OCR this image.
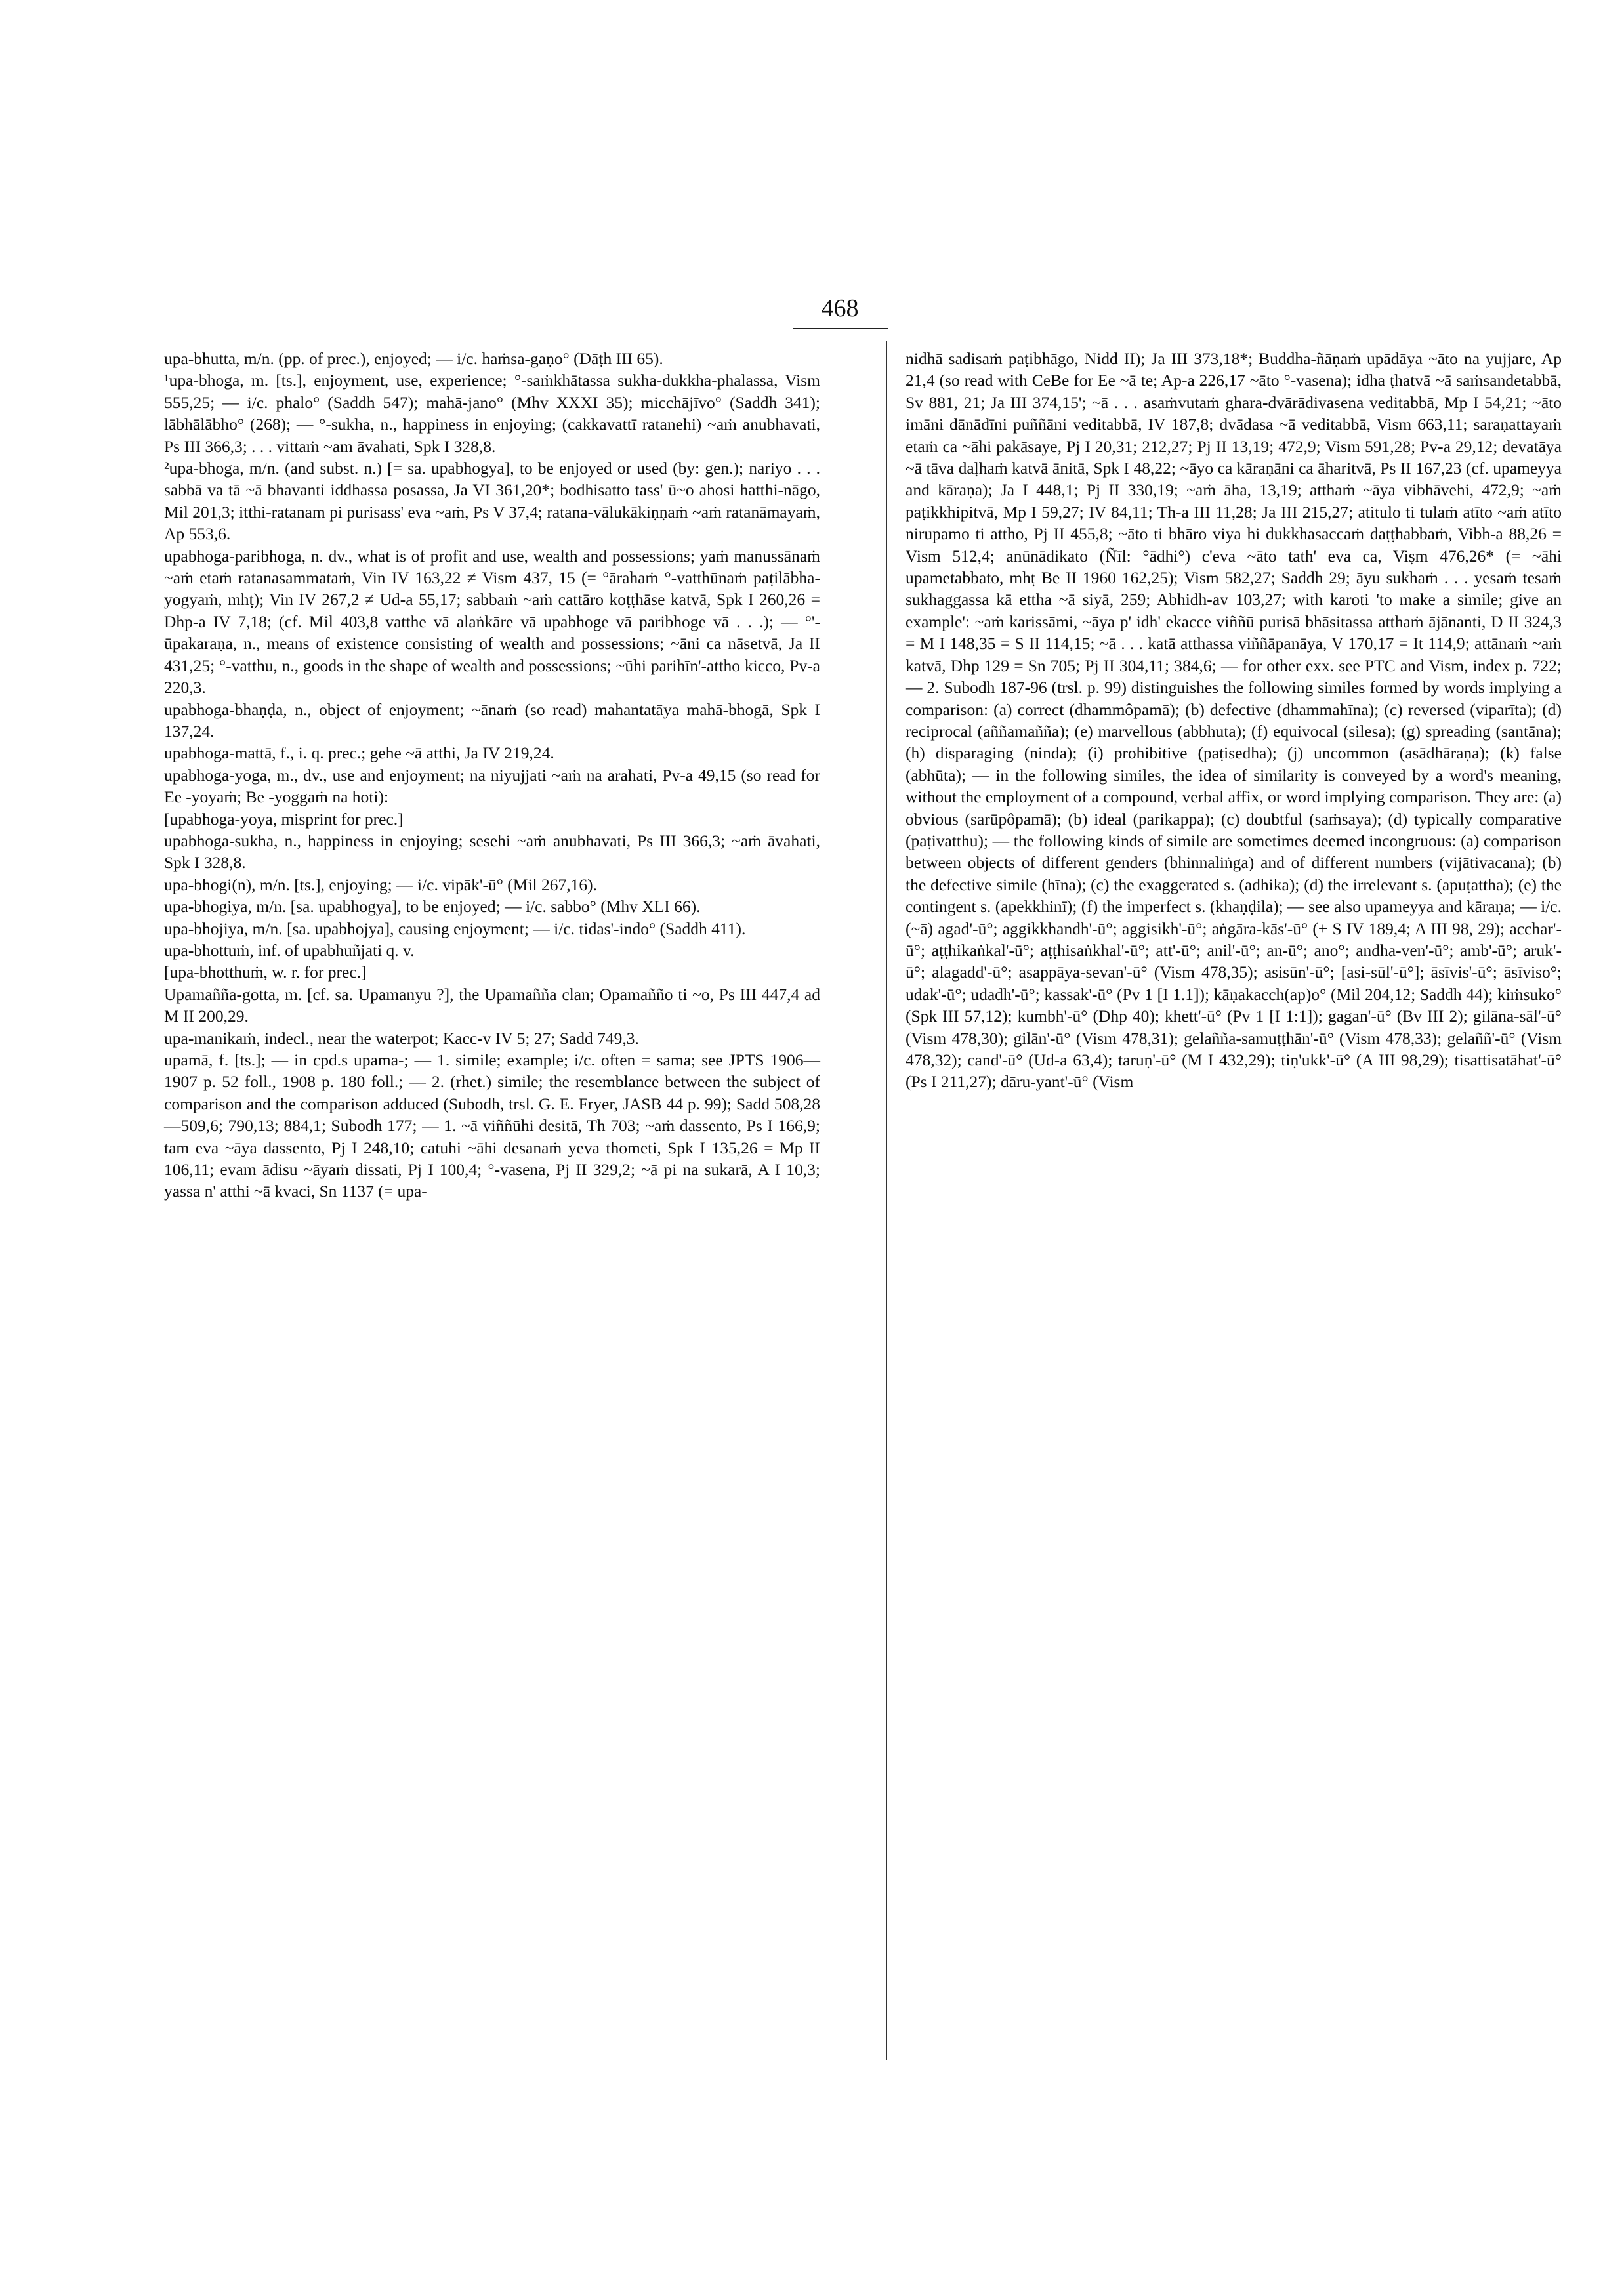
468

upa-bhutta, m/n. (pp. of prec.), enjoyed; — i/c. haṁsa-gaṇo° (Dāṭh III 65).

¹upa-bhoga, m. [ts.], enjoyment, use, experience; °-saṁkhātassa sukha-dukkha-phalassa, Vism 555,25; — i/c. phalo° (Saddh 547); mahā-jano° (Mhv XXXI 35); micchājīvo° (Saddh 341); lābhālābho° (268); — °-sukha, n., happiness in enjoying; (cakkavattī ratanehi) ~aṁ anubhavati, Ps III 366,3; . . . vittaṁ ~am āvahati, Spk I 328,8.

²upa-bhoga, m/n. (and subst. n.) [= sa. upabhogya], to be enjoyed or used (by: gen.); nariyo . . . sabbā va tā ~ā bhavanti iddhassa posassa, Ja VI 361,20*; bodhisatto tass' ū~o ahosi hatthi-nāgo, Mil 201,3; itthi-ratanam pi purisass' eva ~aṁ, Ps V 37,4; ratana-vālukākiṇṇaṁ ~aṁ ratanāmayaṁ, Ap 553,6.

upabhoga-paribhoga, n. dv., what is of profit and use, wealth and possessions; yaṁ manussānaṁ ~aṁ etaṁ ratanasammataṁ, Vin IV 163,22 ≠ Vism 437, 15 (= °ārahaṁ °-vatthūnaṁ paṭilābha-yogyaṁ, mhṭ); Vin IV 267,2 ≠ Ud-a 55,17; sabbaṁ ~aṁ cattāro koṭṭhāse katvā, Spk I 260,26 = Dhp-a IV 7,18; (cf. Mil 403,8 vatthe vā alaṅkāre vā upabhoge vā paribhoge vā . . .); — °'-ūpakaraṇa, n., means of existence consisting of wealth and possessions; ~āni ca nāsetvā, Ja II 431,25; °-vatthu, n., goods in the shape of wealth and possessions; ~ūhi parihīn'-attho kicco, Pv-a 220,3.

upabhoga-bhaṇḍa, n., object of enjoyment; ~ānaṁ (so read) mahantatāya mahā-bhogā, Spk I 137,24.

upabhoga-mattā, f., i. q. prec.; gehe ~ā atthi, Ja IV 219,24.

upabhoga-yoga, m., dv., use and enjoyment; na niyujjati ~aṁ na arahati, Pv-a 49,15 (so read for Ee -yoyaṁ; Be -yoggaṁ na hoti):

[upabhoga-yoya, misprint for prec.]

upabhoga-sukha, n., happiness in enjoying; sesehi ~aṁ anubhavati, Ps III 366,3; ~aṁ āvahati, Spk I 328,8.

upa-bhogi(n), m/n. [ts.], enjoying; — i/c. vipāk'-ū° (Mil 267,16).

upa-bhogiya, m/n. [sa. upabhogya], to be enjoyed; — i/c. sabbo° (Mhv XLI 66).

upa-bhojiya, m/n. [sa. upabhojya], causing enjoyment; — i/c. tidas'-indo° (Saddh 411).

upa-bhottuṁ, inf. of upabhuñjati q. v.

[upa-bhotthuṁ, w. r. for prec.]

Upamañña-gotta, m. [cf. sa. Upamanyu ?], the Upamañña clan; Opamañño ti ~o, Ps III 447,4 ad M II 200,29.

upa-manikaṁ, indecl., near the waterpot; Kacc-v IV 5; 27; Sadd 749,3.

upamā, f. [ts.]; — in cpd.s upama-; — 1. simile; example; i/c. often = sama; see JPTS 1906—1907 p. 52 foll., 1908 p. 180 foll.; — 2. (rhet.) simile; the resemblance between the subject of comparison and the comparison adduced (Subodh, trsl. G. E. Fryer, JASB 44 p. 99); Sadd 508,28—509,6; 790,13; 884,1; Subodh 177; — 1. ~ā viññūhi desitā, Th 703; ~aṁ dassento, Ps I 166,9; tam eva ~āya dassento, Pj I 248,10; catuhi ~āhi desanaṁ yeva thometi, Spk I 135,26 = Mp II 106,11; evam ādisu ~āyaṁ dissati, Pj I 100,4; °-vasena, Pj II 329,2; ~ā pi na sukarā, A I 10,3; yassa n' atthi ~ā kvaci, Sn 1137 (= upa-

nidhā sadisaṁ paṭibhāgo, Nidd II); Ja III 373,18*; Buddha-ñāṇaṁ upādāya ~āto na yujjare, Ap 21,4 (so read with CeBe for Ee ~ā te; Ap-a 226,17 ~āto °-vasena); idha ṭhatvā ~ā saṁsandetabbā, Sv 881, 21; Ja III 374,15'; ~ā . . . asaṁvutaṁ ghara-dvārādivasena veditabbā, Mp I 54,21; ~āto imāni dānādīni puññāni veditabbā, IV 187,8; dvādasa ~ā veditabbā, Vism 663,11; saraṇattayaṁ etaṁ ca ~āhi pakāsaye, Pj I 20,31; 212,27; Pj II 13,19; 472,9; Vism 591,28; Pv-a 29,12; devatāya ~ā tāva daḷhaṁ katvā ānitā, Spk I 48,22; ~āyo ca kāraṇāni ca āharitvā, Ps II 167,23 (cf. upameyya and kāraṇa); Ja I 448,1; Pj II 330,19; ~aṁ āha, 13,19; atthaṁ ~āya vibhāvehi, 472,9; ~aṁ paṭikkhipitvā, Mp I 59,27; IV 84,11; Th-a III 11,28; Ja III 215,27; atitulo ti tulaṁ atīto ~aṁ atīto nirupamo ti attho, Pj II 455,8; ~āto ti bhāro viya hi dukkhasaccaṁ daṭṭhabbaṁ, Vibh-a 88,26 = Vism 512,4; anūnādikato (Ñīl: °ādhi°) c'eva ~āto tath' eva ca, Viṣm 476,26* (= ~āhi upametabbato, mhṭ Be II 1960 162,25); Vism 582,27; Saddh 29; āyu sukhaṁ . . . yesaṁ tesaṁ sukhaggassa kā ettha ~ā siyā, 259; Abhidh-av 103,27; with karoti 'to make a simile; give an example': ~aṁ karissāmi, ~āya p' idh' ekacce viññū purisā bhāsitassa atthaṁ ājānanti, D II 324,3 = M I 148,35 = S II 114,15; ~ā . . . katā atthassa viññāpanāya, V 170,17 = It 114,9; attānaṁ ~aṁ katvā, Dhp 129 = Sn 705; Pj II 304,11; 384,6; — for other exx. see PTC and Vism, index p. 722; — 2. Subodh 187-96 (trsl. p. 99) distinguishes the following similes formed by words implying a comparison: (a) correct (dhammôpamā); (b) defective (dhammahīna); (c) reversed (viparīta); (d) reciprocal (aññamañña); (e) marvellous (abbhuta); (f) equivocal (silesa); (g) spreading (santāna); (h) disparaging (ninda); (i) prohibitive (paṭisedha); (j) uncommon (asādhāraṇa); (k) false (abhūta); — in the following similes, the idea of similarity is conveyed by a word's meaning, without the employment of a compound, verbal affix, or word implying comparison. They are: (a) obvious (sarūpôpamā); (b) ideal (parikappa); (c) doubtful (saṁsaya); (d) typically comparative (paṭivatthu); — the following kinds of simile are sometimes deemed incongruous: (a) comparison between objects of different genders (bhinnaliṅga) and of different numbers (vijātivacana); (b) the defective simile (hīna); (c) the exaggerated s. (adhika); (d) the irrelevant s. (apuṭattha); (e) the contingent s. (apekkhinī); (f) the imperfect s. (khaṇḍila); — see also upameyya and kāraṇa; — i/c. (~ā) agad'-ū°; aggikkhandh'-ū°; aggisikh'-ū°; aṅgāra-kās'-ū° (+ S IV 189,4; A III 98, 29); acchar'-ū°; aṭṭhikaṅkal'-ū°; aṭṭhisaṅkhal'-ū°; att'-ū°; anil'-ū°; an-ū°; ano°; andha-ven'-ū°; amb'-ū°; aruk'-ū°; alagadd'-ū°; asappāya-sevan'-ū° (Vism 478,35); asisūn'-ū°; [asi-sūl'-ū°]; āsīvis'-ū°; āsīviso°; udak'-ū°; udadh'-ū°; kassak'-ū° (Pv 1 [I 1.1]); kāṇakacch(ap)o° (Mil 204,12; Saddh 44); kiṁsuko° (Spk III 57,12); kumbh'-ū° (Dhp 40); khett'-ū° (Pv 1 [I 1:1]); gagan'-ū° (Bv III 2); gilāna-sāl'-ū° (Vism 478,30); gilān'-ū° (Vism 478,31); gelañña-samuṭṭhān'-ū° (Vism 478,33); gelaññ'-ū° (Vism 478,32); cand'-ū° (Ud-a 63,4); taruṇ'-ū° (M I 432,29); tiṇ'ukk'-ū° (A III 98,29); tisattisatāhat'-ū° (Ps I 211,27); dāru-yant'-ū° (Vism
